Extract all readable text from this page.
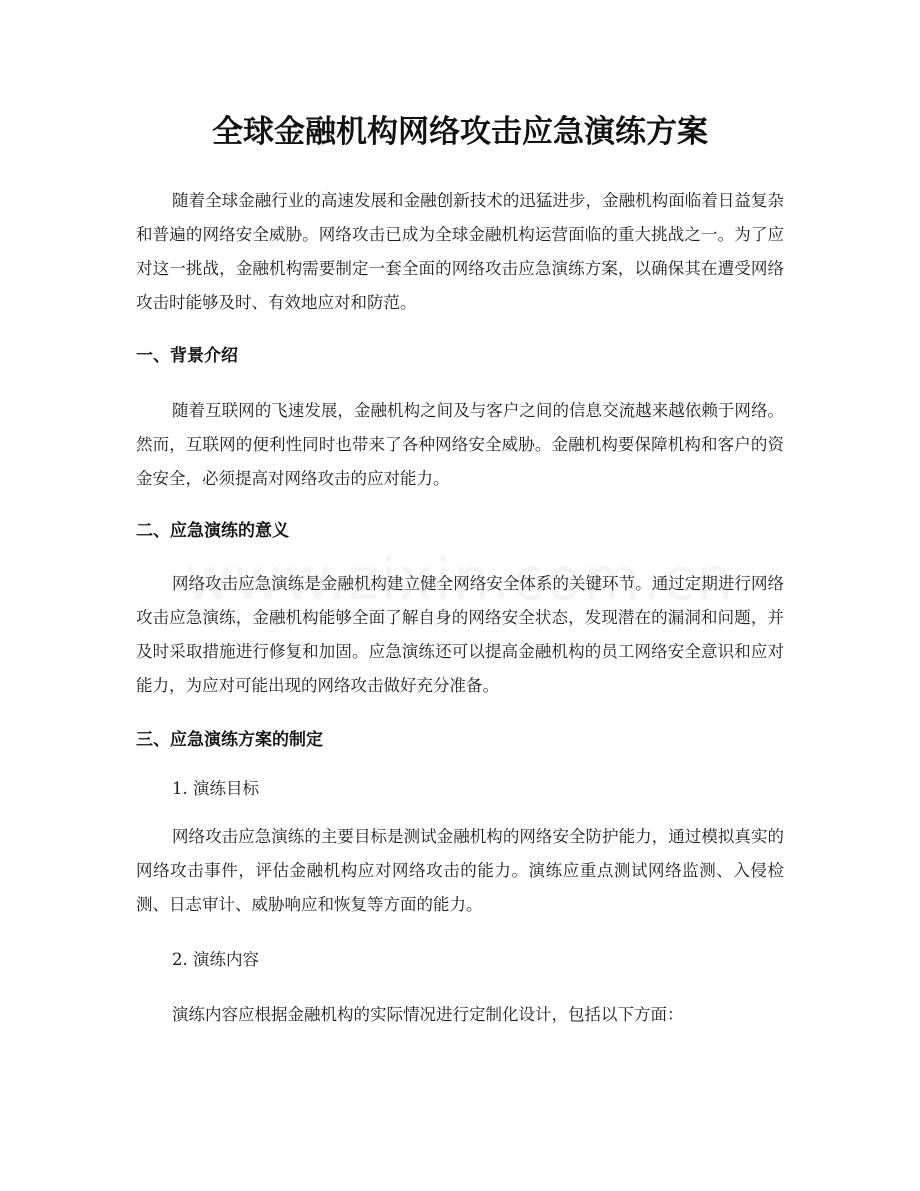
全球金融机构网络攻击应急演练方案

随着全球金融行业的高速发展和金融创新技术的迅猛进步，金融机构面临着日益复杂和普遍的网络安全威胁。网络攻击已成为全球金融机构运营面临的重大挑战之一。为了应对这一挑战，金融机构需要制定一套全面的网络攻击应急演练方案，以确保其在遭受网络攻击时能够及时、有效地应对和防范。

一、背景介绍

随着互联网的飞速发展，金融机构之间及与客户之间的信息交流越来越依赖于网络。然而，互联网的便利性同时也带来了各种网络安全威胁。金融机构要保障机构和客户的资金安全，必须提高对网络攻击的应对能力。

二、应急演练的意义

网络攻击应急演练是金融机构建立健全网络安全体系的关键环节。通过定期进行网络攻击应急演练，金融机构能够全面了解自身的网络安全状态，发现潜在的漏洞和问题，并及时采取措施进行修复和加固。应急演练还可以提高金融机构的员工网络安全意识和应对能力，为应对可能出现的网络攻击做好充分准备。

三、应急演练方案的制定

1. 演练目标

网络攻击应急演练的主要目标是测试金融机构的网络安全防护能力，通过模拟真实的网络攻击事件，评估金融机构应对网络攻击的能力。演练应重点测试网络监测、入侵检测、日志审计、威胁响应和恢复等方面的能力。

2. 演练内容

演练内容应根据金融机构的实际情况进行定制化设计，包括以下方面：
